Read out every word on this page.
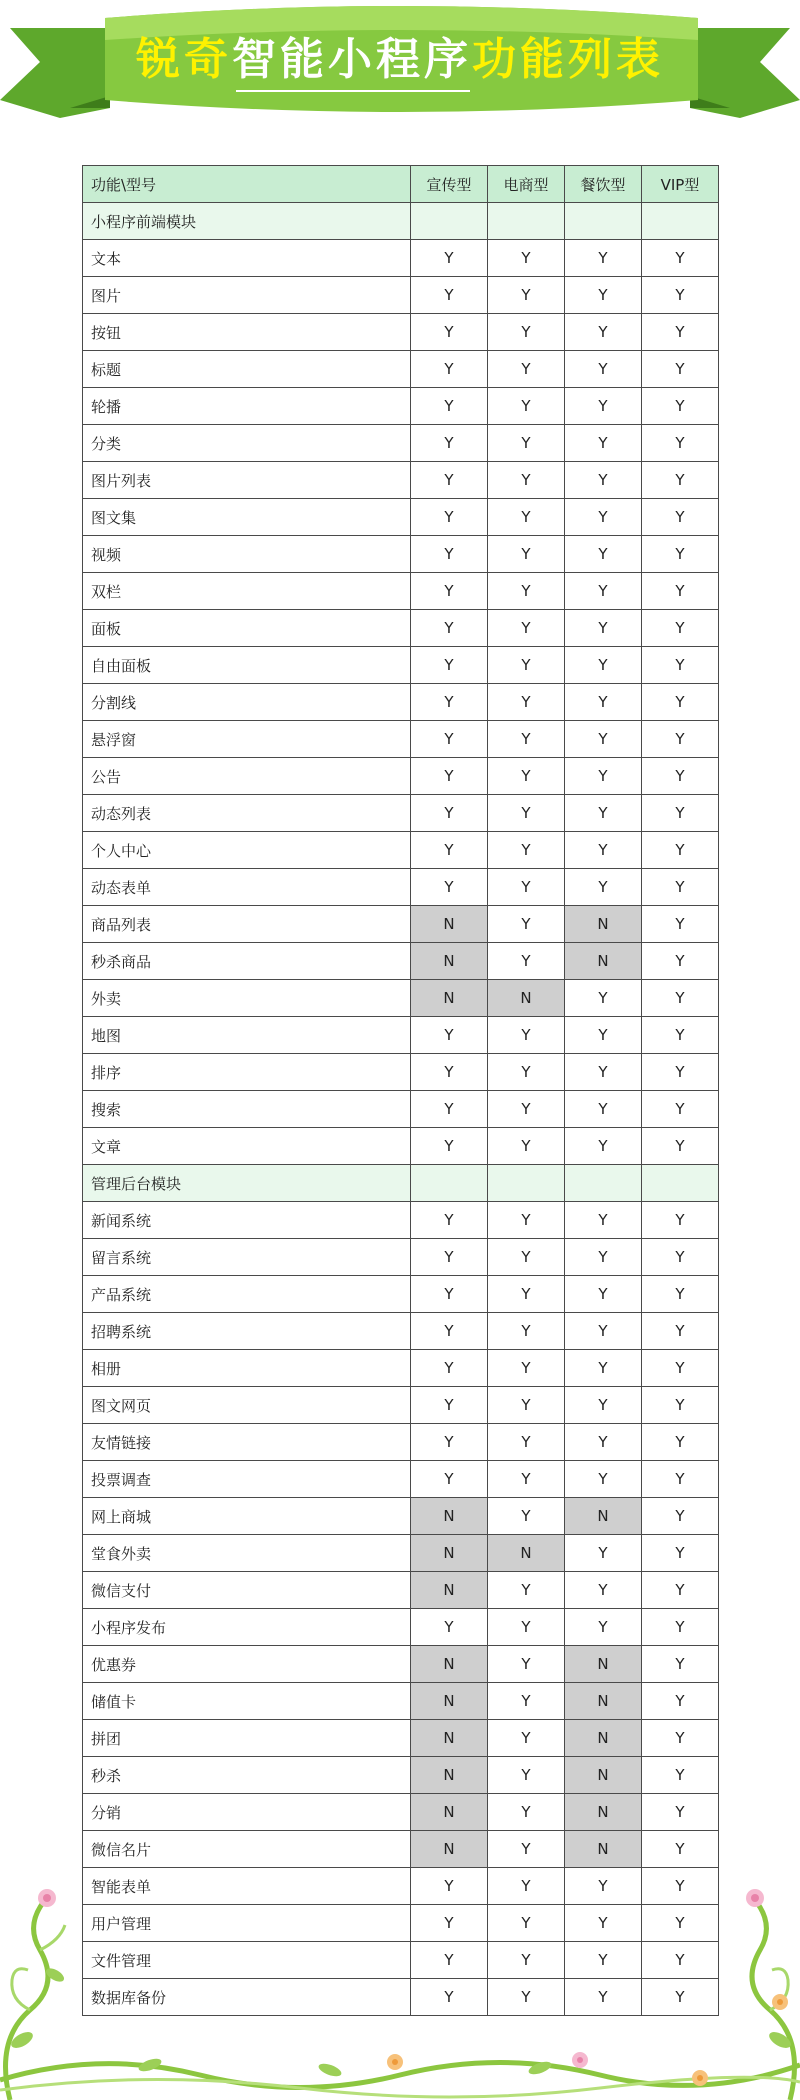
锐奇智能小程序功能列表
功能\型号	宣传型	电商型	餐饮型	VIP型
小程序前端模块				
文本	Y	Y	Y	Y
图片	Y	Y	Y	Y
按钮	Y	Y	Y	Y
标题	Y	Y	Y	Y
轮播	Y	Y	Y	Y
分类	Y	Y	Y	Y
图片列表	Y	Y	Y	Y
图文集	Y	Y	Y	Y
视频	Y	Y	Y	Y
双栏	Y	Y	Y	Y
面板	Y	Y	Y	Y
自由面板	Y	Y	Y	Y
分割线	Y	Y	Y	Y
悬浮窗	Y	Y	Y	Y
公告	Y	Y	Y	Y
动态列表	Y	Y	Y	Y
个人中心	Y	Y	Y	Y
动态表单	Y	Y	Y	Y
商品列表	N	Y	N	Y
秒杀商品	N	Y	N	Y
外卖	N	N	Y	Y
地图	Y	Y	Y	Y
排序	Y	Y	Y	Y
搜索	Y	Y	Y	Y
文章	Y	Y	Y	Y
管理后台模块				
新闻系统	Y	Y	Y	Y
留言系统	Y	Y	Y	Y
产品系统	Y	Y	Y	Y
招聘系统	Y	Y	Y	Y
相册	Y	Y	Y	Y
图文网页	Y	Y	Y	Y
友情链接	Y	Y	Y	Y
投票调查	Y	Y	Y	Y
网上商城	N	Y	N	Y
堂食外卖	N	N	Y	Y
微信支付	N	Y	Y	Y
小程序发布	Y	Y	Y	Y
优惠券	N	Y	N	Y
储值卡	N	Y	N	Y
拼团	N	Y	N	Y
秒杀	N	Y	N	Y
分销	N	Y	N	Y
微信名片	N	Y	N	Y
智能表单	Y	Y	Y	Y
用户管理	Y	Y	Y	Y
文件管理	Y	Y	Y	Y
数据库备份	Y	Y	Y	Y
